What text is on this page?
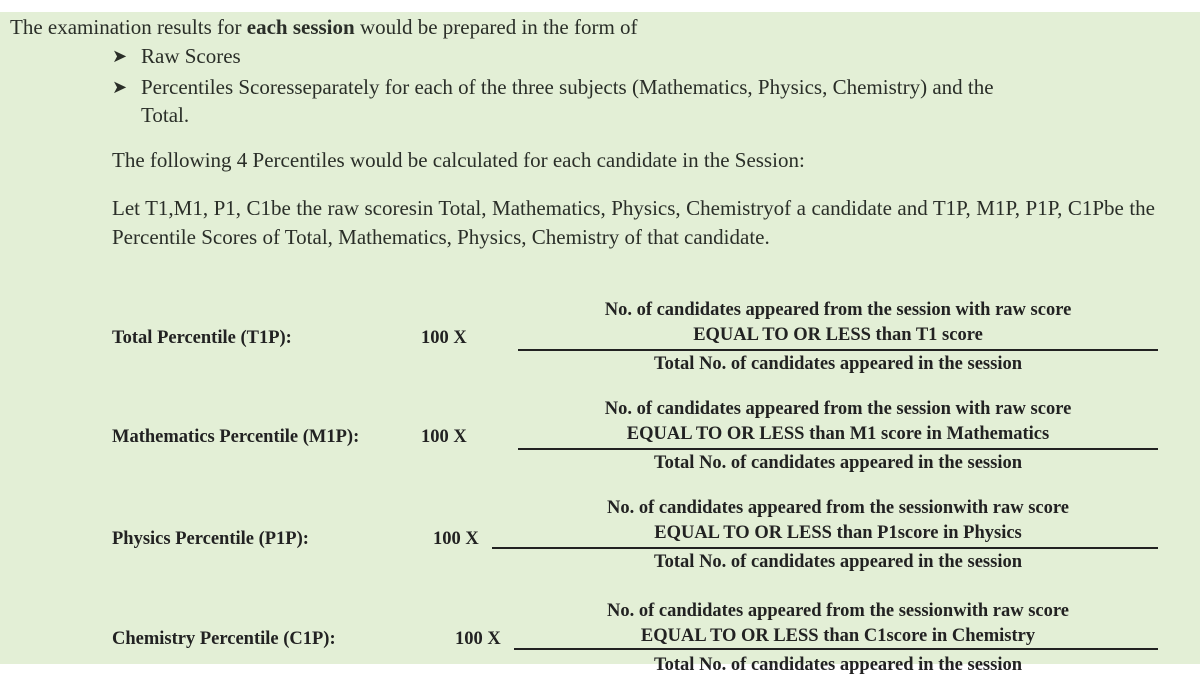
The examination results for each session would be prepared in the form of
➤ Raw Scores
➤ Percentiles Scoresseparately for each of the three subjects (Mathematics, Physics, Chemistry) and the
Total.
The following 4 Percentiles would be calculated for each candidate in the Session:
Let T1,M1, P1, C1be the raw scoresin Total, Mathematics, Physics, Chemistryof a candidate and T1P, M1P, P1P, C1Pbe the Percentile Scores of Total, Mathematics, Physics, Chemistry of that candidate.
Total Percentile (T1P):	100 X
No. of candidates appeared from the session with raw score
EQUAL TO OR LESS than T1 score
Total No. of candidates appeared in the session
Mathematics Percentile (M1P):	100 X
No. of candidates appeared from the session with raw score
EQUAL TO OR LESS than M1 score in Mathematics
Total No. of candidates appeared in the session
Physics Percentile (P1P):	100 X
No. of candidates appeared from the sessionwith raw score
EQUAL TO OR LESS than P1score in Physics
Total No. of candidates appeared in the session
Chemistry Percentile (C1P):	100 X
No. of candidates appeared from the sessionwith raw score
EQUAL TO OR LESS than C1score in Chemistry
Total No. of candidates appeared in the session
